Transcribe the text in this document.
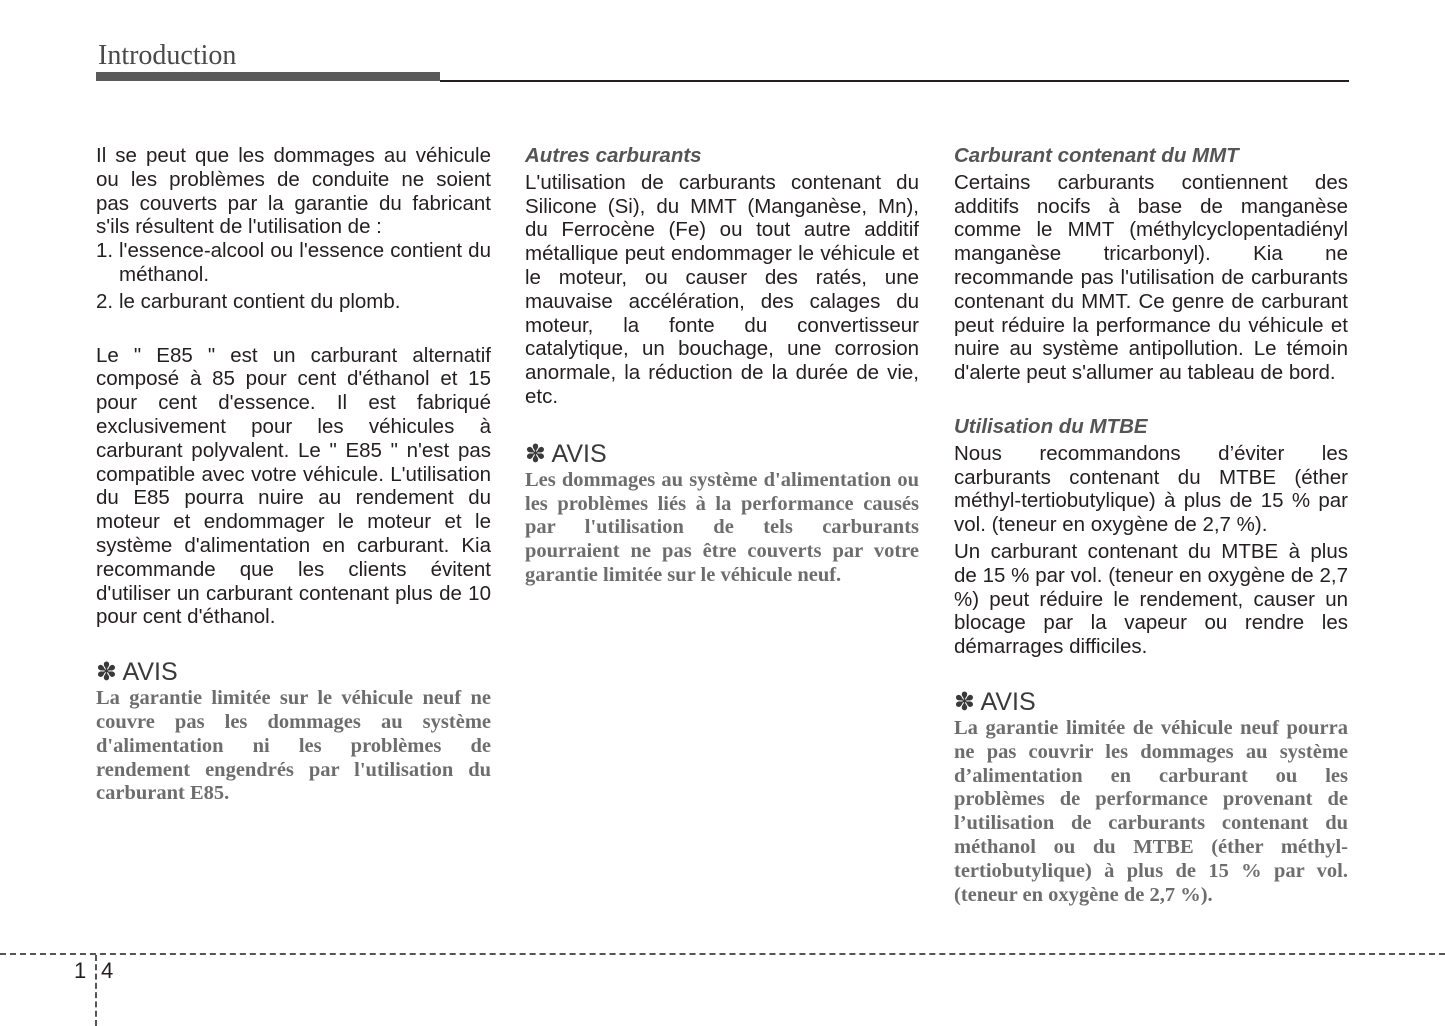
Introduction

Il se peut que les dommages au véhicule ou les problèmes de conduite ne soient pas couverts par la garantie du fabricant s'ils résultent de l'utilisation de :

1. l'essence-alcool ou l'essence contient du méthanol.
2. le carburant contient du plomb.

Le " E85 " est un carburant alternatif composé à 85 pour cent d'éthanol et 15 pour cent d'essence. Il est fabriqué exclusivement pour les véhicules à carburant polyvalent. Le " E85 " n'est pas compatible avec votre véhicule. L'utilisation du E85 pourra nuire au rendement du moteur et endommager le moteur et le système d'alimentation en carburant. Kia recommande que les clients évitent d'utiliser un carburant contenant plus de 10 pour cent d'éthanol.

✽ AVIS

La garantie limitée sur le véhicule neuf ne couvre pas les dommages au système d'alimentation ni les problèmes de rendement engendrés par l'utilisation du carburant E85.

Autres carburants

L'utilisation de carburants contenant du Silicone (Si), du MMT (Manganèse, Mn), du Ferrocène (Fe) ou tout autre additif métallique peut endommager le véhicule et le moteur, ou causer des ratés, une mauvaise accélération, des calages du moteur, la fonte du convertisseur catalytique, un bouchage, une corrosion anormale, la réduction de la durée de vie, etc.

✽ AVIS

Les dommages au système d'alimentation ou les problèmes liés à la performance causés par l'utilisation de tels carburants pourraient ne pas être couverts par votre garantie limitée sur le véhicule neuf.

Carburant contenant du MMT

Certains carburants contiennent des additifs nocifs à base de manganèse comme le MMT (méthylcyclopentadiényl manganèse tricarbonyl). Kia ne recommande pas l'utilisation de carburants contenant du MMT. Ce genre de carburant peut réduire la performance du véhicule et nuire au système antipollution. Le témoin d'alerte peut s'allumer au tableau de bord.

Utilisation du MTBE

Nous recommandons d’éviter les carburants contenant du MTBE (éther méthyl-tertiobutylique) à plus de 15 % par vol. (teneur en oxygène de 2,7 %).

Un carburant contenant du MTBE à plus de 15 % par vol. (teneur en oxygène de 2,7 %) peut réduire le rendement, causer un blocage par la vapeur ou rendre les démarrages difficiles.

✽ AVIS

La garantie limitée de véhicule neuf pourra ne pas couvrir les dommages au système d’alimentation en carburant ou les problèmes de performance provenant de l’utilisation de carburants contenant du méthanol ou du MTBE (éther méthyl-tertiobutylique) à plus de 15 % par vol. (teneur en oxygène de 2,7 %).

1 4
